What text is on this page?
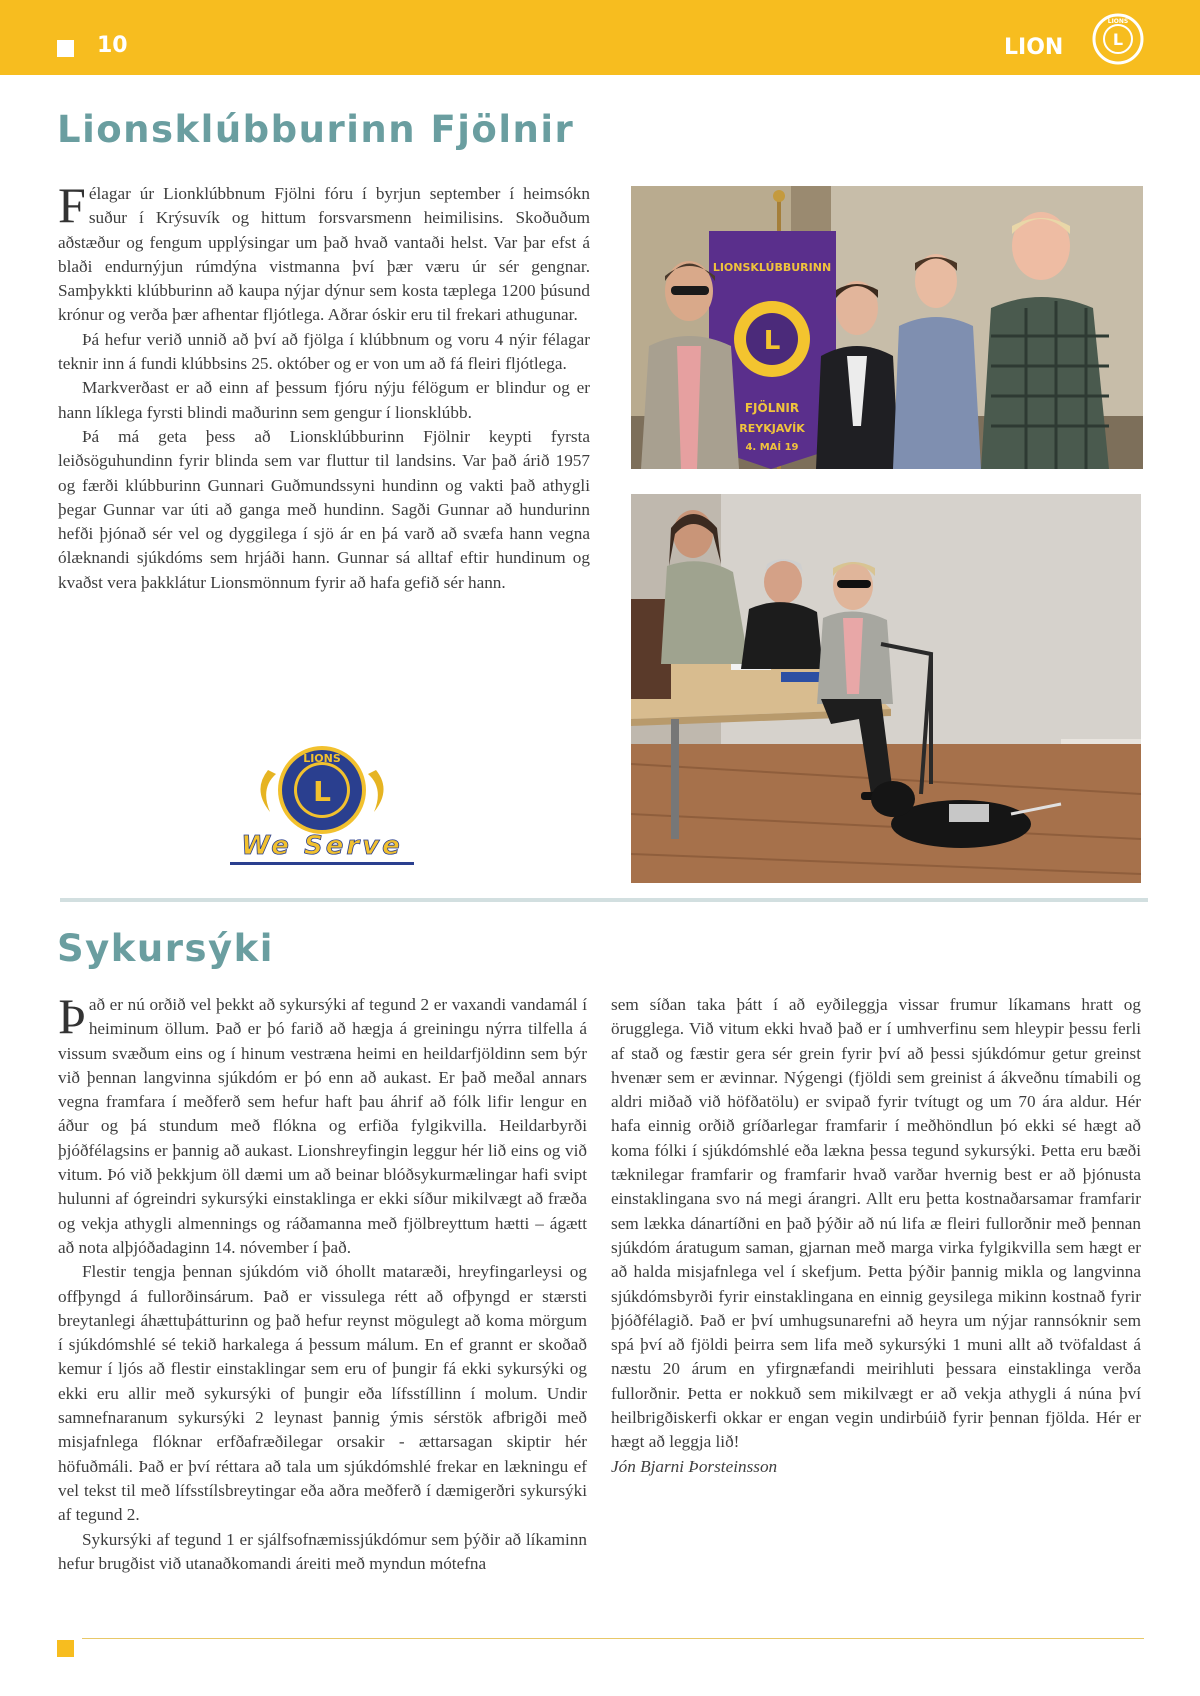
10	LION	L
LIONS
Lionsklúbburinn Fjölnir

Félagar úr Lionklúbbnum Fjölni fóru í byrjun september í heimsókn suður í Krýsuvík og hittum forsvarsmenn heimilisins. Skoðuðum aðstæður og fengum upplýsingar um það hvað vantaði helst. Var þar efst á blaði endurnýjun rúmdýna vistmanna því þær væru úr sér gengnar. Samþykkti klúbburinn að kaupa nýjar dýnur sem kosta tæplega 1200 þúsund krónur og verða þær afhentar fljótlega. Aðrar óskir eru til frekari athugunar.

Þá hefur verið unnið að því að fjölga í klúbbnum og voru 4 nýir félagar teknir inn á fundi klúbbsins 25. október og er von um að fá fleiri fljótlega.

Markverðast er að einn af þessum fjóru nýju félögum er blindur og er hann líklega fyrsti blindi maðurinn sem gengur í lionsklúbb.

Þá má geta þess að Lionsklúbburinn Fjölnir keypti fyrsta leiðsöguhundinn fyrir blinda sem var fluttur til landsins. Var það árið 1957 og færði klúbburinn Gunnari Guðmundssyni hundinn og vakti það athygli þegar Gunnar var úti að ganga með hundinn. Sagði Gunnar að hundurinn hefði þjónað sér vel og dyggilega í sjö ár en þá varð að svæfa hann vegna ólæknandi sjúkdóms sem hrjáði hann. Gunnar sá alltaf eftir hundinum og kvaðst vera þakklátur Lionsmönnum fyrir að hafa gefið sér hann.

LIONSKLÚBBURINN
L
FJÖLNIR
REYKJAVÍK
4. MAÍ 19
L
LIONS
We Serve
Sykursýki

Það er nú orðið vel þekkt að sykursýki af tegund 2 er vaxandi vandamál í heiminum öllum. Það er þó farið að hægja á greiningu nýrra tilfella á vissum svæðum eins og í hinum vestræna heimi en heildarfjöldinn sem býr við þennan langvinna sjúkdóm er þó enn að aukast. Er það meðal annars vegna framfara í meðferð sem hefur haft þau áhrif að fólk lifir lengur en áður og þá stundum með flókna og erfiða fylgikvilla. Heildarbyrði þjóðfélagsins er þannig að aukast. Lionshreyfingin leggur hér lið eins og við vitum. Þó við þekkjum öll dæmi um að beinar blóðsykurmælingar hafi svipt hulunni af ógreindri sykursýki einstaklinga er ekki síður mikilvægt að fræða og vekja athygli almennings og ráðamanna með fjölbreyttum hætti – ágætt að nota alþjóðadaginn 14. nóvember í það.

Flestir tengja þennan sjúkdóm við óhollt mataræði, hreyfingarleysi og offþyngd á fullorðinsárum. Það er vissulega rétt að ofþyngd er stærsti breytanlegi áhættuþátturinn og það hefur reynst mögulegt að koma mörgum í sjúkdómshlé sé tekið harkalega á þessum málum. En ef grannt er skoðað kemur í ljós að flestir einstaklingar sem eru of þungir fá ekki sykursýki og ekki eru allir með sykursýki of þungir eða lífsstíllinn í molum. Undir samnefnaranum sykursýki 2 leynast þannig ýmis sérstök afbrigði með misjafnlega flóknar erfðafræðilegar orsakir - ættarsagan skiptir hér höfuðmáli. Það er því réttara að tala um sjúkdómshlé frekar en lækningu ef vel tekst til með lífsstílsbreytingar eða aðra meðferð í dæmigerðri sykursýki af tegund 2.

Sykursýki af tegund 1 er sjálfsofnæmissjúkdómur sem þýðir að líkaminn hefur brugðist við utanaðkomandi áreiti með myndun mótefna

sem síðan taka þátt í að eyðileggja vissar frumur líkamans hratt og örugglega. Við vitum ekki hvað það er í umhverfinu sem hleypir þessu ferli af stað og fæstir gera sér grein fyrir því að þessi sjúkdómur getur greinst hvenær sem er ævinnar. Nýgengi (fjöldi sem greinist á ákveðnu tímabili og aldri miðað við höfðatölu) er svipað fyrir tvítugt og um 70 ára aldur. Hér hafa einnig orðið gríðarlegar framfarir í meðhöndlun þó ekki sé hægt að koma fólki í sjúkdómshlé eða lækna þessa tegund sykursýki. Þetta eru bæði tæknilegar framfarir og framfarir hvað varðar hvernig best er að þjónusta einstaklingana svo ná megi árangri. Allt eru þetta kostnaðarsamar framfarir sem lækka dánartíðni en það þýðir að nú lifa æ fleiri fullorðnir með þennan sjúkdóm áratugum saman, gjarnan með marga virka fylgikvilla sem hægt er að halda misjafnlega vel í skefjum. Þetta þýðir þannig mikla og langvinna sjúkdómsbyrði fyrir einstaklingana en einnig geysilega mikinn kostnað fyrir þjóðfélagið. Það er því umhugsunarefni að heyra um nýjar rannsóknir sem spá því að fjöldi þeirra sem lifa með sykursýki 1 muni allt að tvöfaldast á næstu 20 árum en yfirgnæfandi meirihluti þessara einstaklinga verða fullorðnir. Þetta er nokkuð sem mikilvægt er að vekja athygli á núna því heilbrigðiskerfi okkar er engan vegin undirbúið fyrir þennan fjölda. Hér er hægt að leggja lið!

Jón Bjarni Þorsteinsson
